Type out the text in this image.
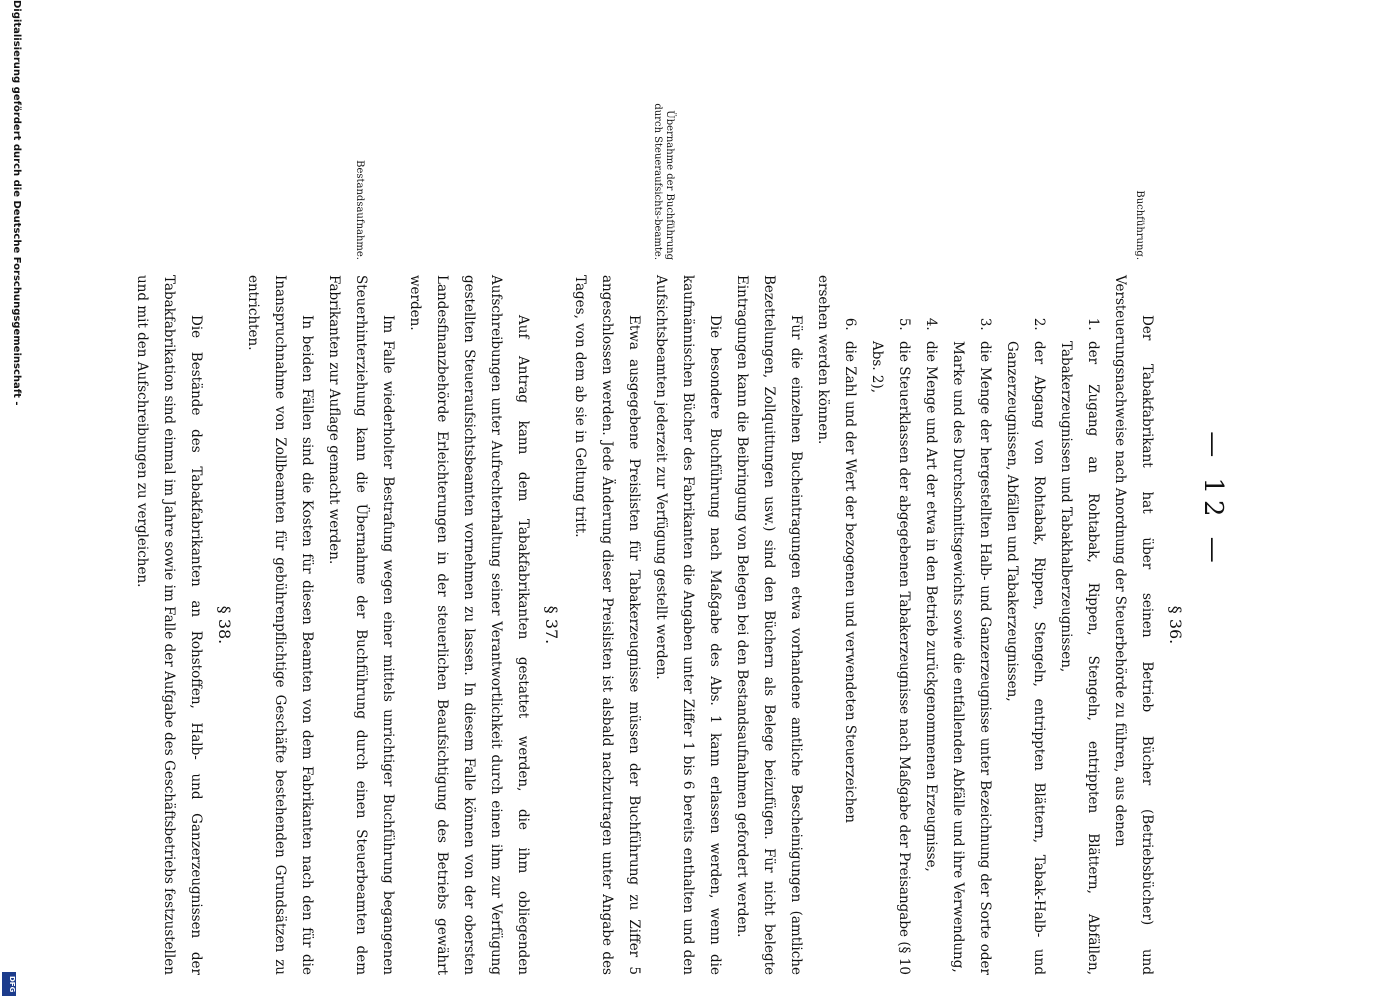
— 12 —
Buchführung.
Übernahme der Buchführung durch Steueraufsichts-beamte.
Bestandsaufnahme.
§ 36.

Der Tabakfabrikant hat über seinen Betrieb Bücher (Betriebsbücher) und Versteuerungsnachweise nach Anordnung der Steuerbehörde zu führen, aus denen

1. der Zugang an Rohtabak, Rippen, Stengeln, entrippten Blättern, Abfällen, Tabakerzeugnissen und Tabakhalberzeugnissen,
2. der Abgang von Rohtabak, Rippen, Stengeln, entrippten Blättern, Tabak-Halb- und Ganzerzeugnissen, Abfällen und Tabakerzeugnissen,
3. die Menge der hergestellten Halb- und Ganzerzeugnisse unter Bezeichnung der Sorte oder Marke und des Durchschnittsgewichts sowie die entfallenden Abfälle und ihre Verwendung,
4. die Menge und Art der etwa in den Betrieb zurückgenommenen Erzeugnisse,
5. die Steuerklassen der abgegebenen Tabakerzeugnisse nach Maßgabe der Preisangabe (§ 10 Abs. 2),
6. die Zahl und der Wert der bezogenen und verwendeten Steuerzeichen

ersehen werden können.

Für die einzelnen Bucheintragungen etwa vorhandene amtliche Bescheinigungen (amtliche Bezettelungen, Zollquittungen usw.) sind den Büchern als Belege beizufügen. Für nicht belegte Eintragungen kann die Beibringung von Belegen bei den Bestandsaufnahmen gefordert werden.

Die besondere Buchführung nach Maßgabe des Abs. 1 kann erlassen werden, wenn die kaufmännischen Bücher des Fabrikanten die Angaben unter Ziffer 1 bis 6 bereits enthalten und den Aufsichtsbeamten jederzeit zur Verfügung gestellt werden.

Etwa ausgegebene Preislisten für Tabakerzeugnisse müssen der Buchführung zu Ziffer 5 angeschlossen werden. Jede Änderung dieser Preislisten ist alsbald nachzutragen unter Angabe des Tages, von dem ab sie in Geltung tritt.

§ 37.

Auf Antrag kann dem Tabakfabrikanten gestattet werden, die ihm obliegenden Aufschreibungen unter Aufrechterhaltung seiner Verantwortlichkeit durch einen ihm zur Verfügung gestellten Steueraufsichtsbeamten vornehmen zu lassen. In diesem Falle können von der obersten Landesfinanzbehörde Erleichterungen in der steuerlichen Beaufsichtigung des Betriebs gewährt werden.

Im Falle wiederholter Bestrafung wegen einer mittels unrichtiger Buchführung begangenen Steuerhinterziehung kann die Übernahme der Buchführung durch einen Steuerbeamten dem Fabrikanten zur Auflage gemacht werden.

In beiden Fällen sind die Kosten für diesen Beamten von dem Fabrikanten nach den für die Inanspruchnahme von Zollbeamten für gebührenpflichtige Geschäfte bestehenden Grundsätzen zu entrichten.

§ 38.

Die Bestände des Tabakfabrikanten an Rohstoffen, Halb- und Ganzerzeugnissen der Tabakfabrikation sind einmal im Jahre sowie im Falle der Aufgabe des Geschäftsbetriebs festzustellen und mit den Aufschreibungen zu vergleichen.

Digitalisierung gefördert durch die Deutsche Forschungsgemeinschaft -
DFG
